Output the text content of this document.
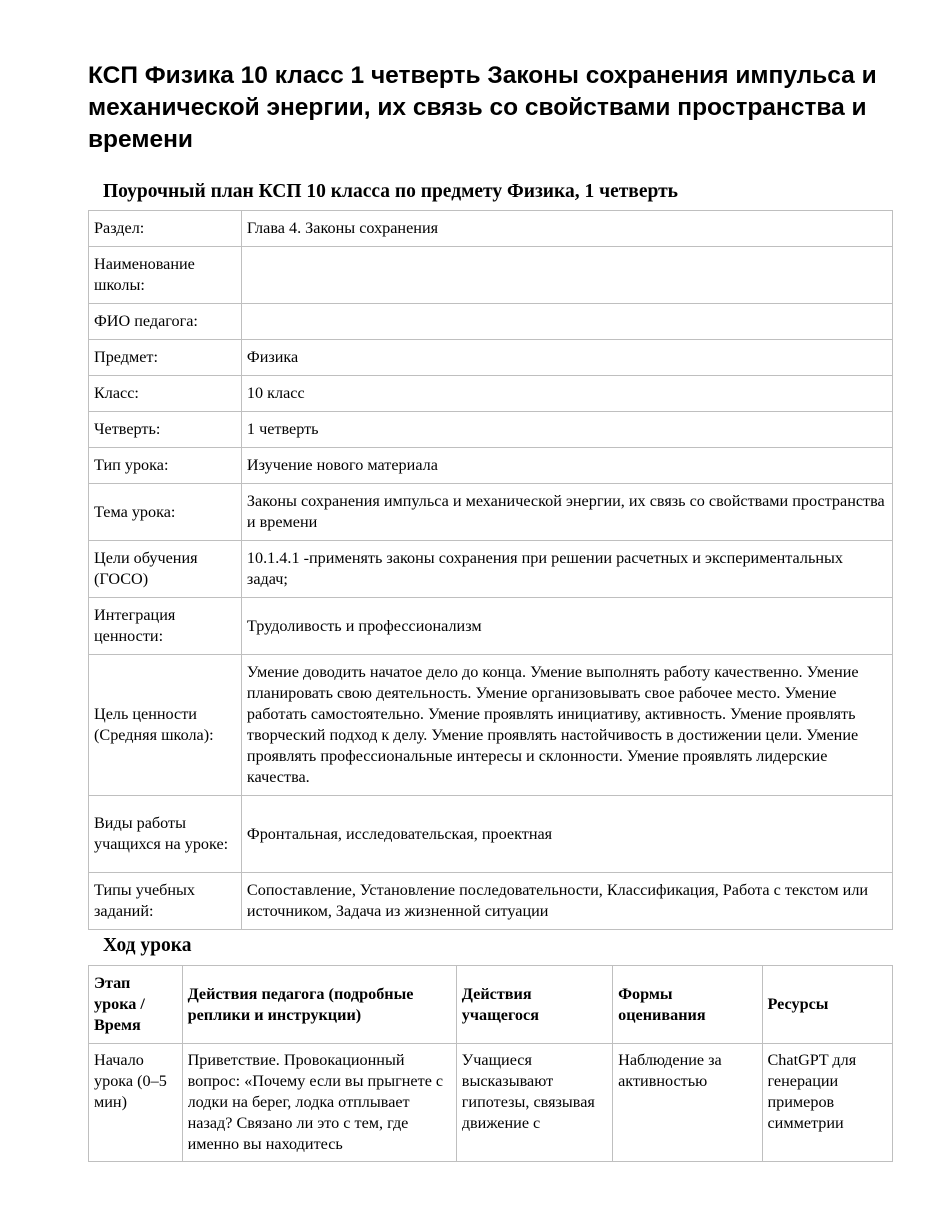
КСП Физика 10 класс 1 четверть Законы сохранения импульса и механической энергии, их связь со свойствами пространства и времени
Поурочный план КСП 10 класса по предмету Физика, 1 четверть
Раздел:	Глава 4. Законы сохранения
Наименование школы:	
ФИО педагога:	
Предмет:	Физика
Класс:	10 класс
Четверть:	1 четверть
Тип урока:	Изучение нового материала
Тема урока:	Законы сохранения импульса и механической энергии, их связь со свойствами пространства и времени
Цели обучения (ГОСО)	10.1.4.1 -применять законы сохранения при решении расчетных и экспериментальных задач;
Интеграция ценности:	Трудоливость и профессионализм
Цель ценности (Средняя школа):	Умение доводить начатое дело до конца. Умение выполнять работу качественно. Умение планировать свою деятельность. Умение организовывать свое рабочее место. Умение работать самостоятельно. Умение проявлять инициативу, активность. Умение проявлять творческий подход к делу. Умение проявлять настойчивость в достижении цели. Умение проявлять профессиональные интересы и склонности. Умение проявлять лидерские качества.
Виды работы учащихся на уроке:	Фронтальная, исследовательская, проектная
Типы учебных заданий:	Сопоставление, Установление последовательности, Классификация, Работа с текстом или источником, Задача из жизненной ситуации
Ход урока
Этап урока / Время	Действия педагога (подробные реплики и инструкции)	Действия учащегося	Формы оценивания	Ресурсы

Начало урока (0–5 мин)	Приветствие. Провокационный вопрос: «Почему если вы прыгнете с лодки на берег, лодка отплывает назад? Связано ли это с тем, где именно вы находитесь	Учащиеся высказывают гипотезы, связывая движение с	Наблюдение за активностью	ChatGPT для генерации примеров симметрии
